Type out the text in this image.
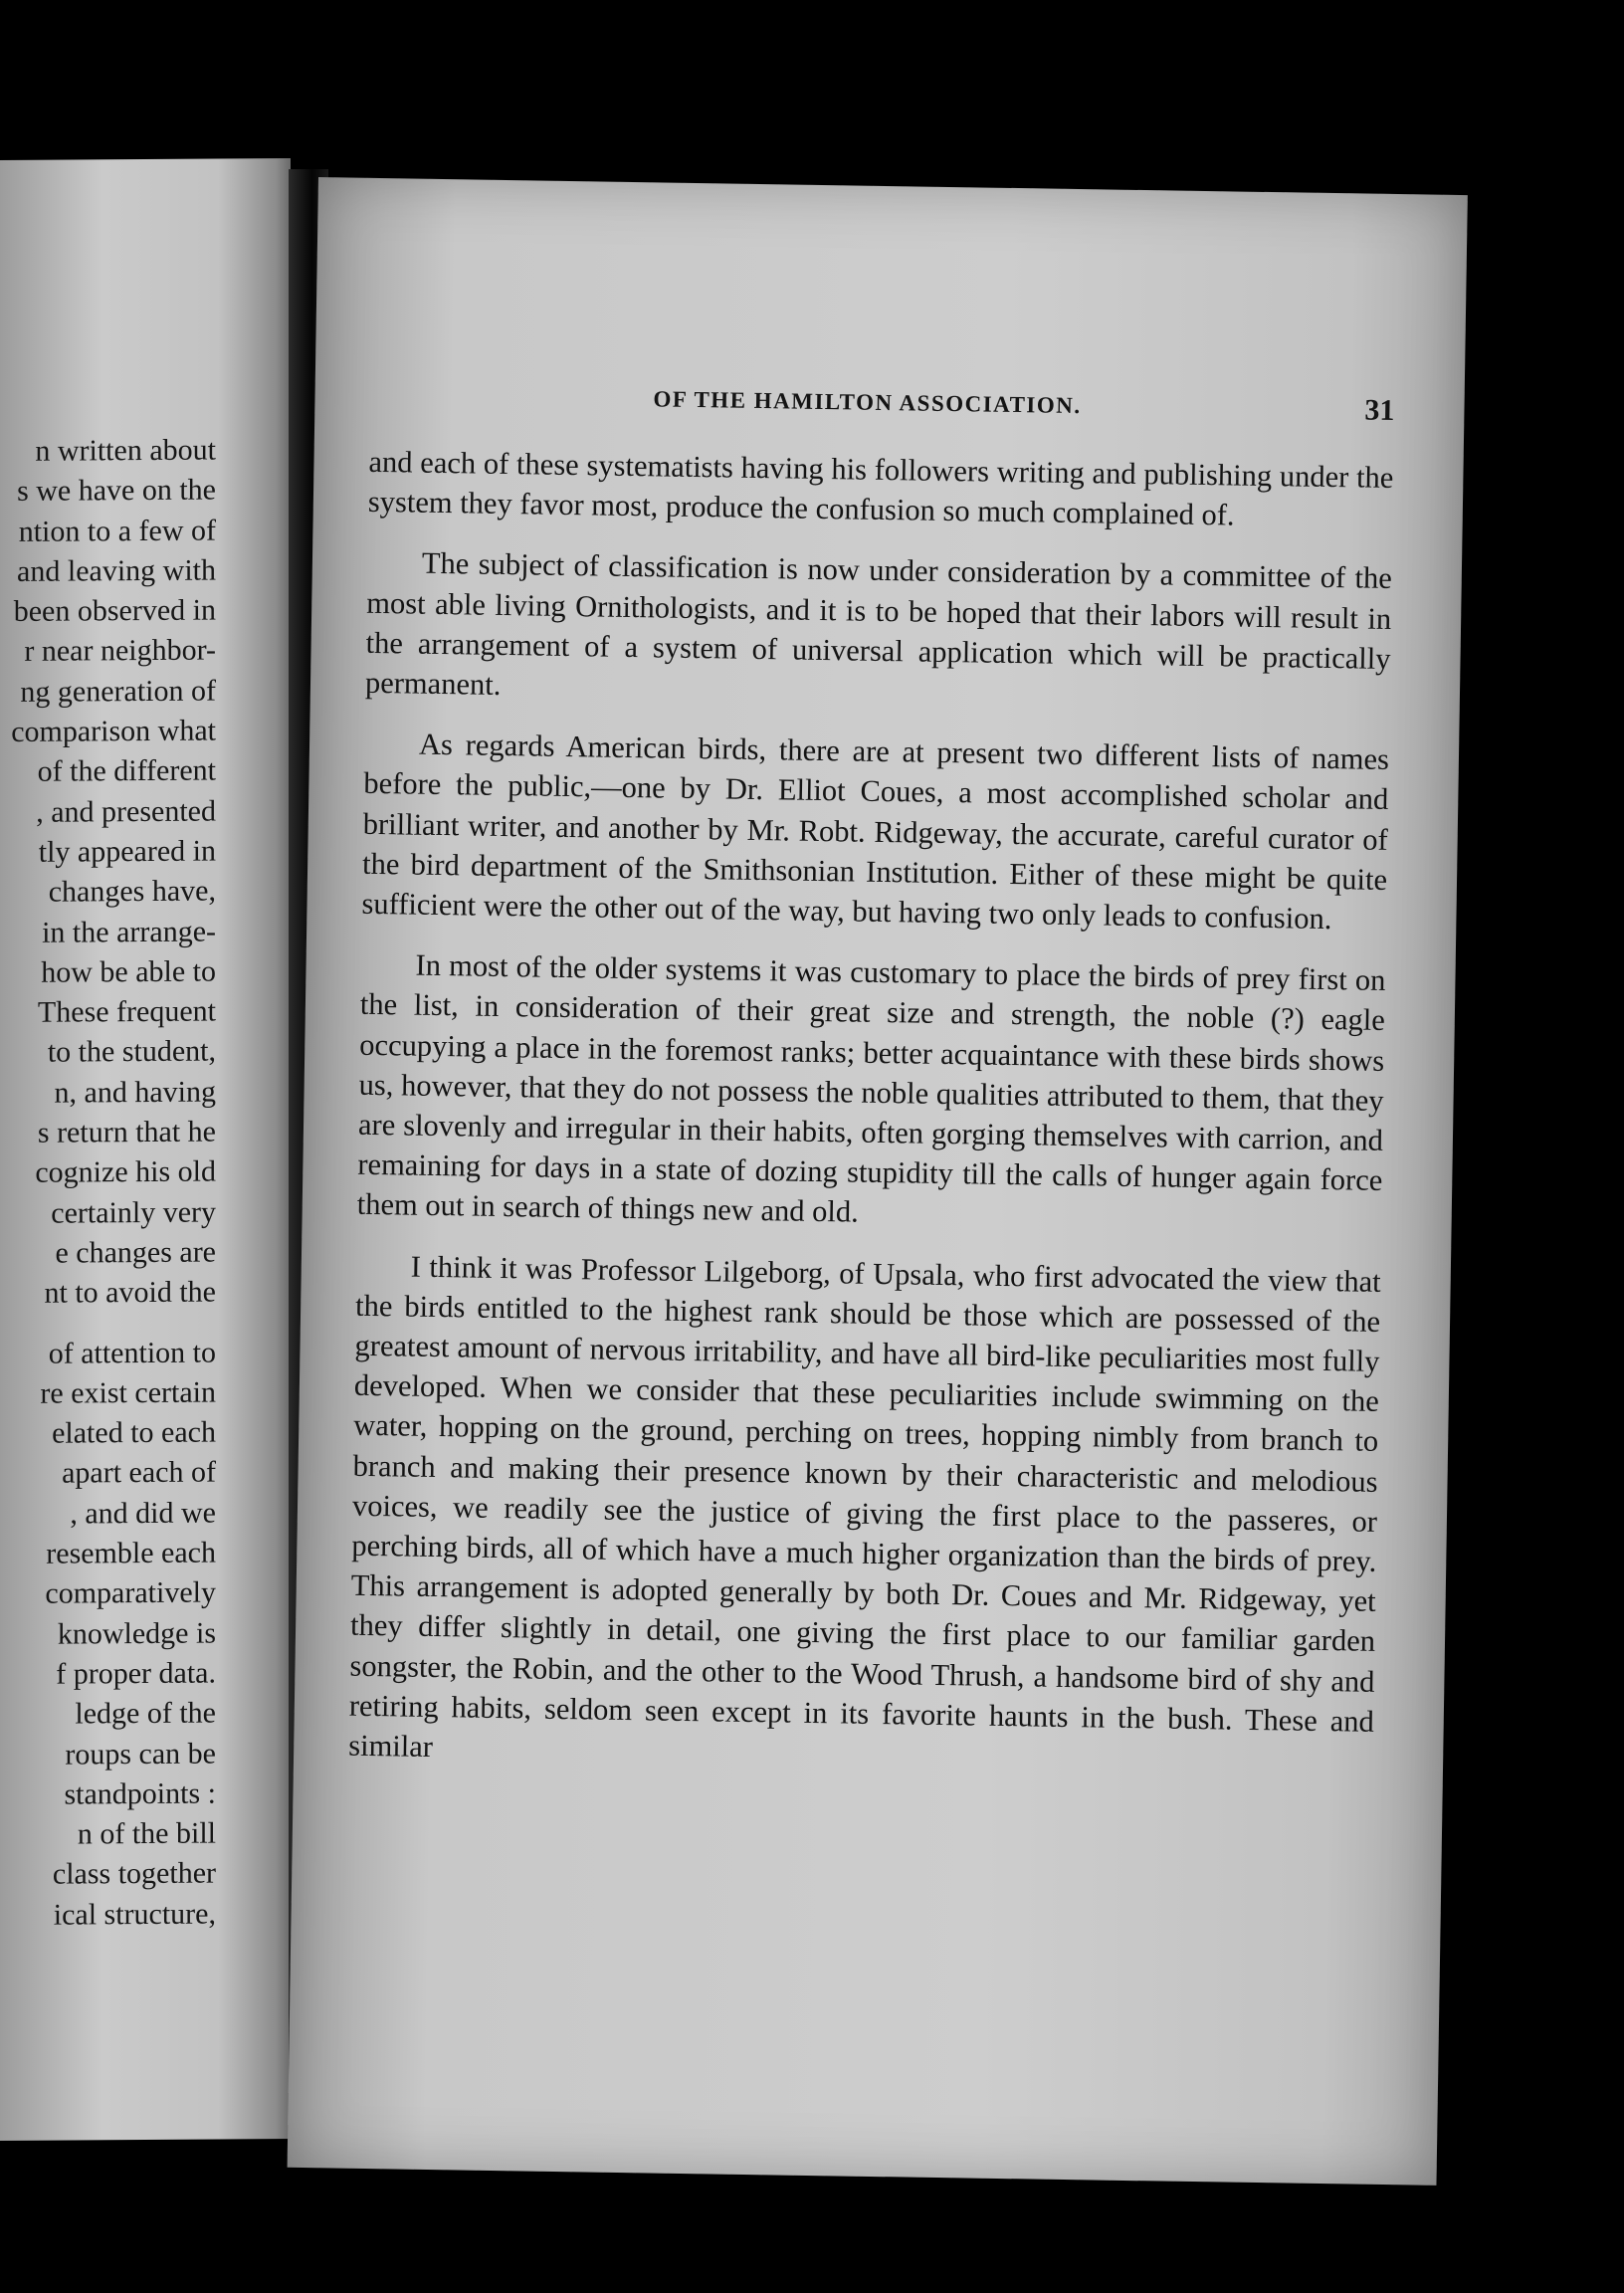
n written about
s we have on the
ntion to a few of
and leaving with
been observed in
r near neighbor-
ng generation of
comparison what
of the different
, and presented
tly appeared in
changes have,
in the arrange-
how be able to
These frequent
to the student,
n, and having
s return that he
cognize his old
certainly very
e changes are
nt to avoid the
of attention to
re exist certain
elated to each
apart each of
, and did we
resemble each
comparatively
knowledge is
f proper data.
ledge of the
roups can be
standpoints :
n of the bill
class together
ical structure,
OF THE HAMILTON ASSOCIATION.	31

and each of these systematists having his followers writing and publishing under the system they favor most, produce the confusion so much complained of.

The subject of classification is now under consideration by a committee of the most able living Ornithologists, and it is to be hoped that their labors will result in the arrangement of a system of universal application which will be practically permanent.

As regards American birds, there are at present two different lists of names before the public,—one by Dr. Elliot Coues, a most accomplished scholar and brilliant writer, and another by Mr. Robt. Ridgeway, the accurate, careful curator of the bird department of the Smithsonian Institution. Either of these might be quite sufficient were the other out of the way, but having two only leads to confusion.

In most of the older systems it was customary to place the birds of prey first on the list, in consideration of their great size and strength, the noble (?) eagle occupying a place in the foremost ranks; better acquaintance with these birds shows us, however, that they do not possess the noble qualities attributed to them, that they are slovenly and irregular in their habits, often gorging themselves with carrion, and remaining for days in a state of dozing stupidity till the calls of hunger again force them out in search of things new and old.

I think it was Professor Lilgeborg, of Upsala, who first advocated the view that the birds entitled to the highest rank should be those which are possessed of the greatest amount of nervous irritability, and have all bird-like peculiarities most fully developed. When we consider that these peculiarities include swimming on the water, hopping on the ground, perching on trees, hopping nimbly from branch to branch and making their presence known by their characteristic and melodious voices, we readily see the justice of giving the first place to the passeres, or perching birds, all of which have a much higher organization than the birds of prey. This arrangement is adopted generally by both Dr. Coues and Mr. Ridgeway, yet they differ slightly in detail, one giving the first place to our familiar garden songster, the Robin, and the other to the Wood Thrush, a handsome bird of shy and retiring habits, seldom seen except in its favorite haunts in the bush. These and similar
